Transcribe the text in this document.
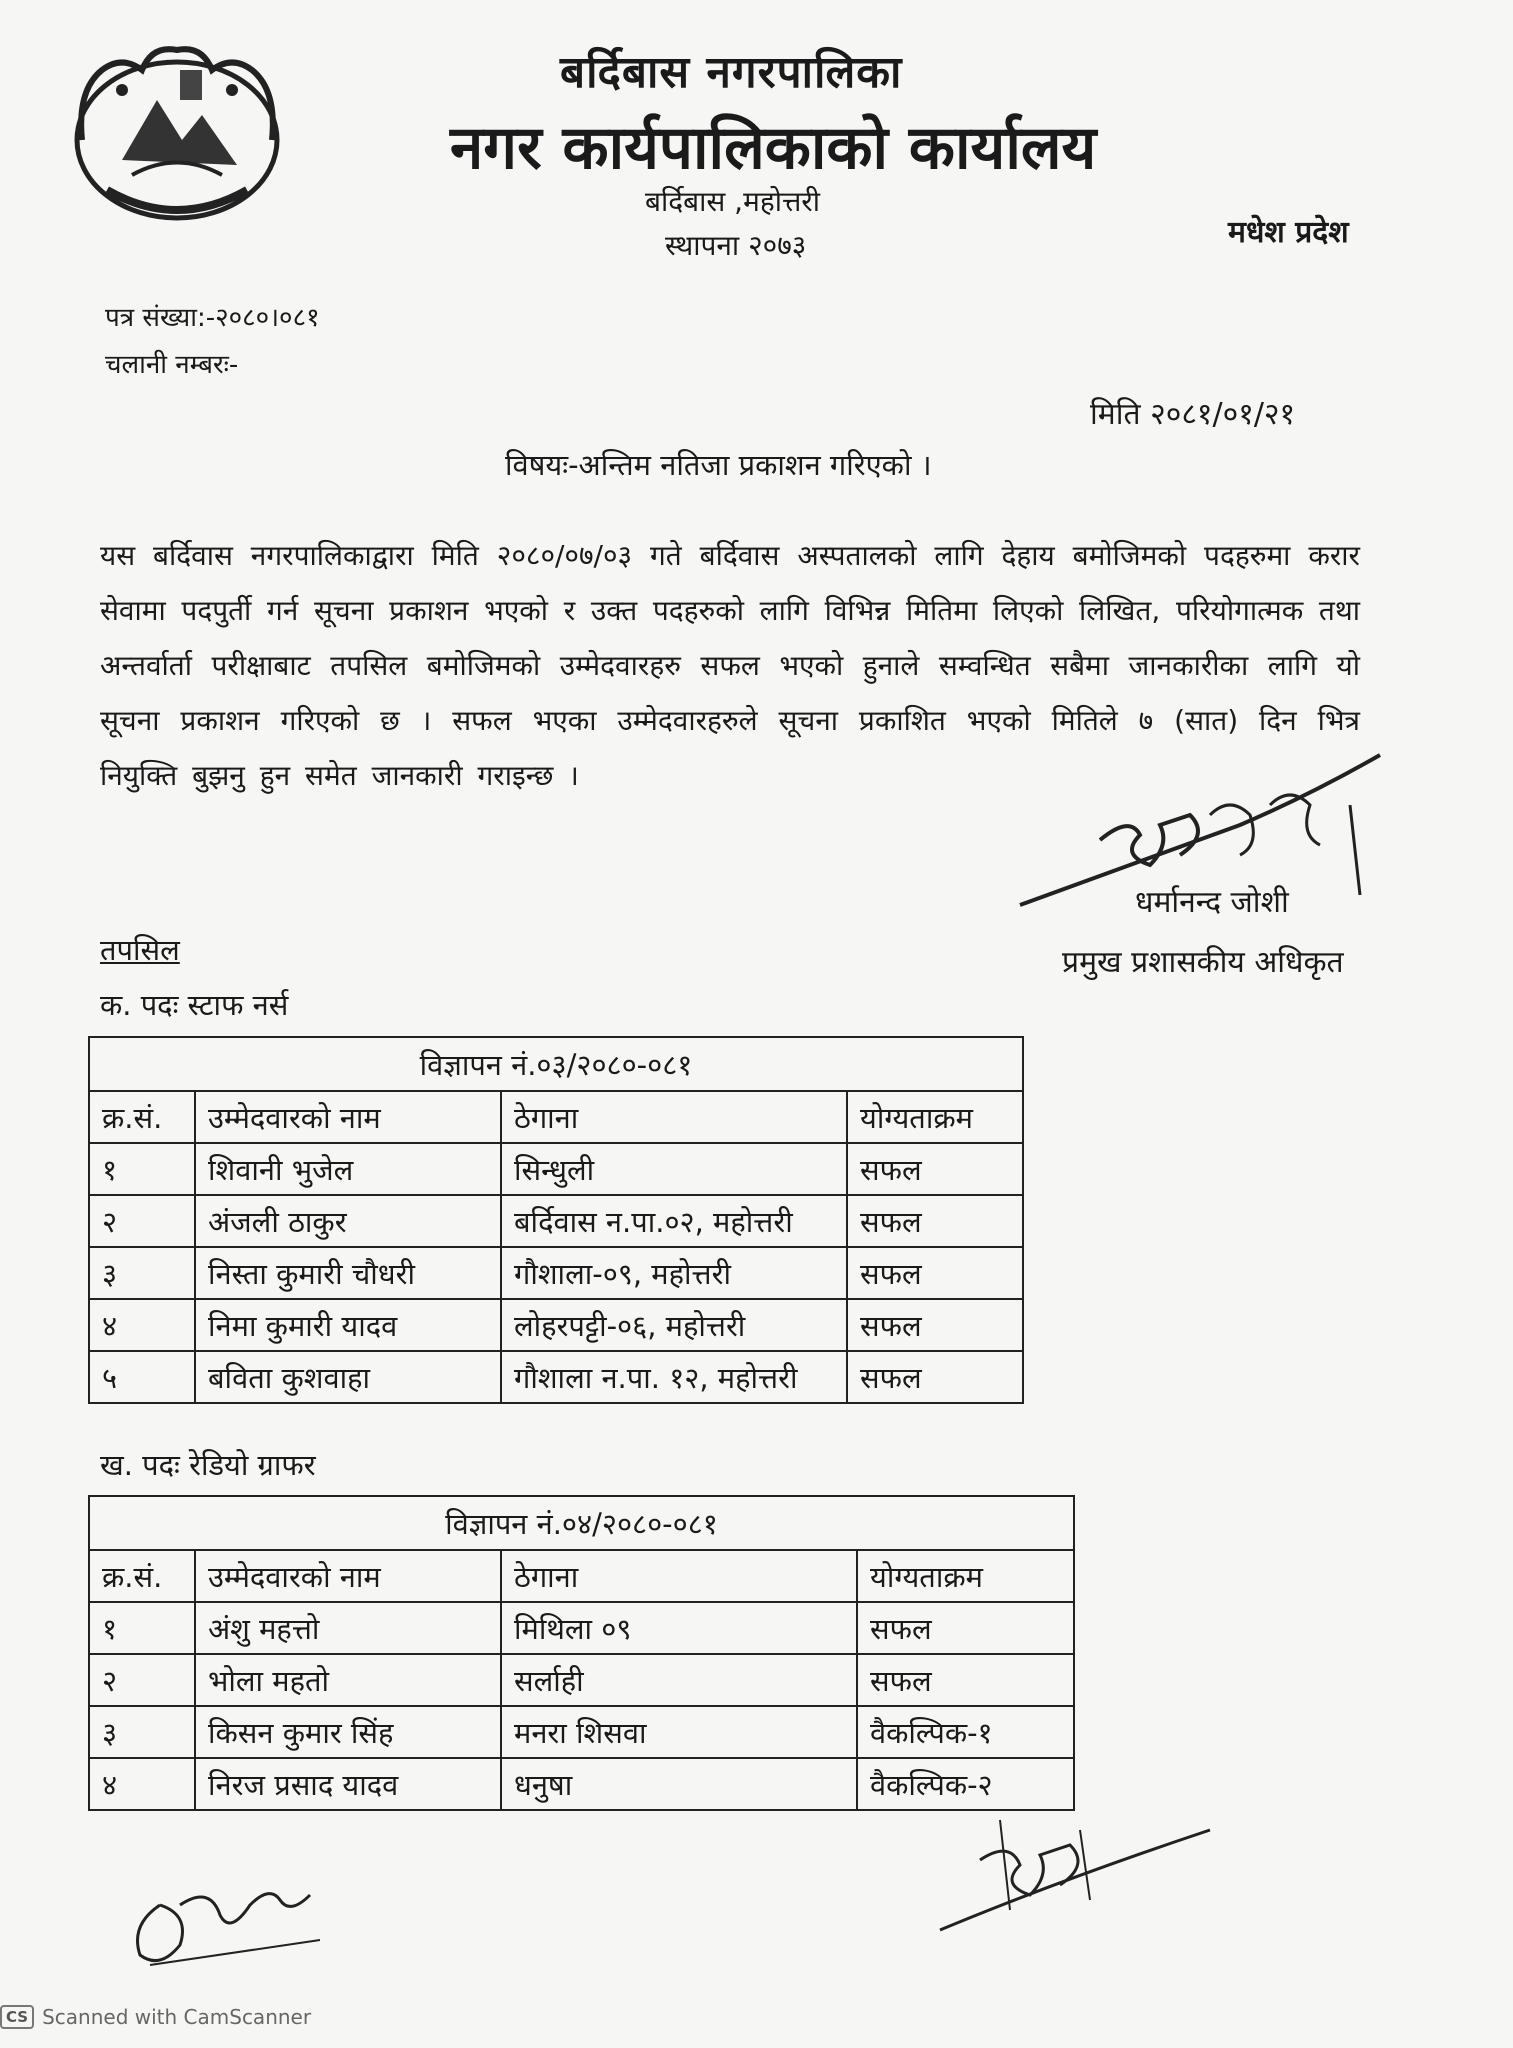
बर्दिबास नगरपालिका
नगर कार्यपालिकाको कार्यालय
बर्दिबास ,महोत्तरी
स्थापना २०७३	मधेश प्रदेश
पत्र संख्या:-२०८०।०८१
चलानी नम्बरः-
मिति २०८१/०१/२१
विषयः-अन्तिम नतिजा प्रकाशन गरिएको ।
यस बर्दिवास नगरपालिकाद्वारा मिति २०८०/०७/०३ गते बर्दिवास अस्पतालको लागि देहाय बमोजिमको पदहरुमा करार सेवामा पदपुर्ती गर्न सूचना प्रकाशन भएको र उक्त पदहरुको लागि विभिन्न मितिमा लिएको लिखित, परियोगात्मक तथा अन्तर्वार्ता परीक्षाबाट तपसिल बमोजिमको उम्मेदवारहरु सफल भएको हुनाले सम्वन्धित सबैमा जानकारीका लागि यो सूचना प्रकाशन गरिएको छ । सफल भएका उम्मेदवारहरुले सूचना प्रकाशित भएको मितिले ७ (सात) दिन भित्र नियुक्ति बुझनु हुन समेत जानकारी गराइन्छ ।
धर्मानन्द जोशी
प्रमुख प्रशासकीय अधिकृत
तपसिल
क. पदः स्टाफ नर्स
विज्ञापन नं.०३/२०८०-०८१			
क्र.सं.	उम्मेदवारको नाम	ठेगाना	योग्यताक्रम
१	शिवानी भुजेल	सिन्धुली	सफल
२	अंजली ठाकुर	बर्दिवास न.पा.०२, महोत्तरी	सफल
३	निस्ता कुमारी चौधरी	गौशाला-०९, महोत्तरी	सफल
४	निमा कुमारी यादव	लोहरपट्टी-०६, महोत्तरी	सफल
५	बविता कुशवाहा	गौशाला न.पा. १२, महोत्तरी	सफल
ख. पदः रेडियो ग्राफर
विज्ञापन नं.०४/२०८०-०८१			
क्र.सं.	उम्मेदवारको नाम	ठेगाना	योग्यताक्रम
१	अंशु महत्तो	मिथिला ०९	सफल
२	भोला महतो	सर्लाही	सफल
३	किसन कुमार सिंह	मनरा शिसवा	वैकल्पिक-१
४	निरज प्रसाद यादव	धनुषा	वैकल्पिक-२
CS Scanned with CamScanner
